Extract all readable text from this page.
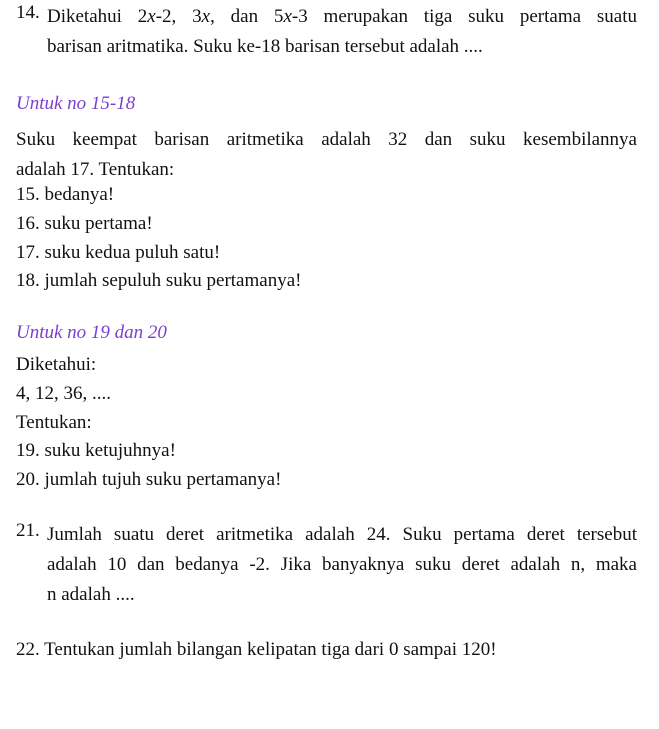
14. Diketahui 2x-2, 3x, dan 5x-3 merupakan tiga suku pertama suatu
barisan aritmatika. Suku ke-18 barisan tersebut adalah ....
Untuk no 15-18
Suku keempat barisan aritmetika adalah 32 dan suku kesembilannya
adalah 17. Tentukan:
15. bedanya!
16. suku pertama!
17. suku kedua puluh satu!
18. jumlah sepuluh suku pertamanya!
Untuk no 19 dan 20
Diketahui:
4, 12, 36, ....
Tentukan:
19. suku ketujuhnya!
20. jumlah tujuh suku pertamanya!
21. Jumlah suatu deret aritmetika adalah 24. Suku pertama deret tersebut
adalah 10 dan bedanya -2. Jika banyaknya suku deret adalah n, maka
n adalah ....
22. Tentukan jumlah bilangan kelipatan tiga dari 0 sampai 120!
